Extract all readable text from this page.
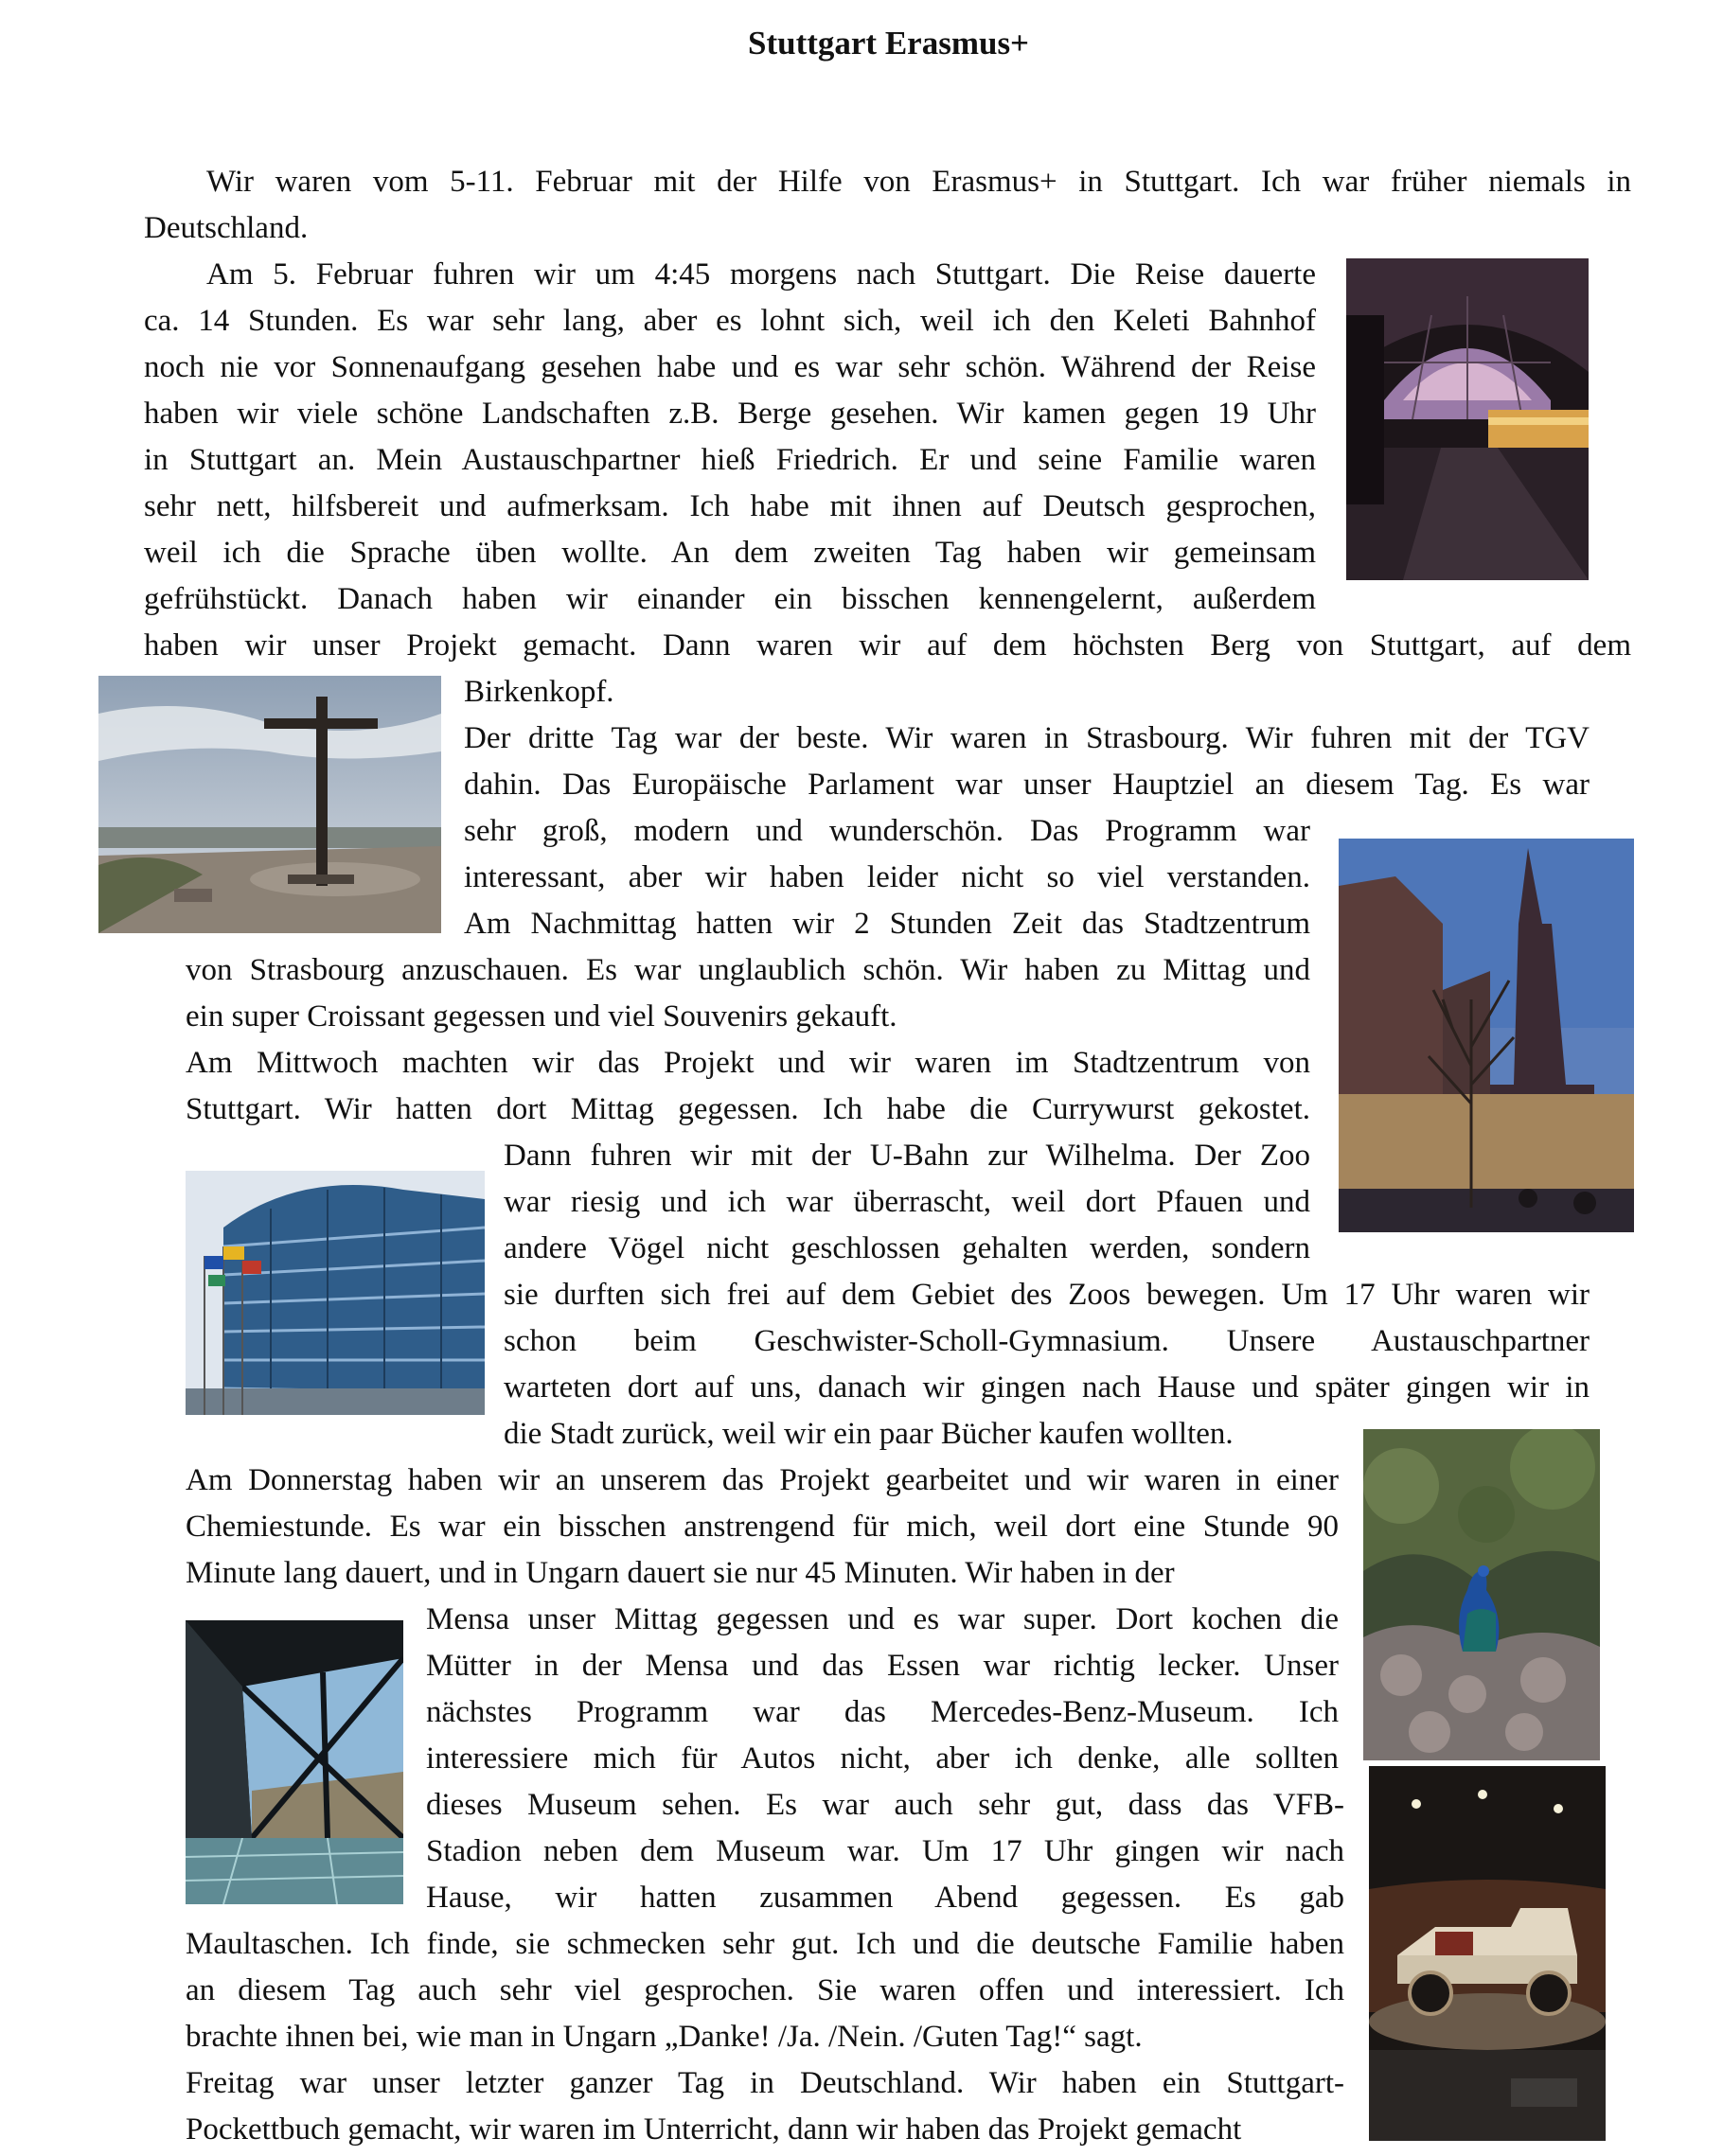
Stuttgart Erasmus+
Wir waren vom 5-11. Februar mit der Hilfe von Erasmus+ in Stuttgart. Ich war früher niemals in
Deutschland.
Am 5. Februar fuhren wir um 4:45 morgens nach Stuttgart. Die Reise dauerte
ca. 14 Stunden. Es war sehr lang, aber es lohnt sich, weil ich den Keleti Bahnhof
noch nie vor Sonnenaufgang gesehen habe und es war sehr schön. Während der Reise
haben wir viele schöne Landschaften z.B. Berge gesehen. Wir kamen gegen 19 Uhr
in Stuttgart an. Mein Austauschpartner hieß Friedrich. Er und seine Familie waren
sehr nett, hilfsbereit und aufmerksam. Ich habe mit ihnen auf Deutsch gesprochen,
weil ich die Sprache üben wollte. An dem zweiten Tag haben wir gemeinsam
gefrühstückt. Danach haben wir einander ein bisschen kennengelernt, außerdem
haben wir unser Projekt gemacht. Dann waren wir auf dem höchsten Berg von Stuttgart, auf dem
Birkenkopf.
Der dritte Tag war der beste. Wir waren in Strasbourg. Wir fuhren mit der TGV
dahin. Das Europäische Parlament war unser Hauptziel an diesem Tag. Es war
sehr groß, modern und wunderschön. Das Programm war
interessant, aber wir haben leider nicht so viel verstanden.
Am Nachmittag hatten wir 2 Stunden Zeit das Stadtzentrum
von Strasbourg anzuschauen. Es war unglaublich schön. Wir haben zu Mittag und
ein super Croissant gegessen und viel Souvenirs gekauft.
Am Mittwoch machten wir das Projekt und wir waren im Stadtzentrum von
Stuttgart. Wir hatten dort Mittag gegessen. Ich habe die Currywurst gekostet.
Dann fuhren wir mit der U-Bahn zur Wilhelma. Der Zoo
war riesig und ich war überrascht, weil dort Pfauen und
andere Vögel nicht geschlossen gehalten werden, sondern
sie durften sich frei auf dem Gebiet des Zoos bewegen. Um 17 Uhr waren wir
schon beim Geschwister-Scholl-Gymnasium. Unsere Austauschpartner
warteten dort auf uns, danach wir gingen nach Hause und später gingen wir in
die Stadt zurück, weil wir ein paar Bücher kaufen wollten.
Am Donnerstag haben wir an unserem das Projekt gearbeitet und wir waren in einer
Chemiestunde. Es war ein bisschen anstrengend für mich, weil dort eine Stunde 90
Minute lang dauert, und in Ungarn dauert sie nur 45 Minuten. Wir haben in der
Mensa unser Mittag gegessen und es war super. Dort kochen die
Mütter in der Mensa und das Essen war richtig lecker. Unser
nächstes Programm war das Mercedes-Benz-Museum. Ich
interessiere mich für Autos nicht, aber ich denke, alle sollten
dieses Museum sehen. Es war auch sehr gut, dass das VFB-
Stadion neben dem Museum war. Um 17 Uhr gingen wir nach
Hause, wir hatten zusammen Abend gegessen. Es gab
Maultaschen. Ich finde, sie schmecken sehr gut. Ich und die deutsche Familie haben
an diesem Tag auch sehr viel gesprochen. Sie waren offen und interessiert. Ich
brachte ihnen bei, wie man in Ungarn „Danke! /Ja. /Nein. /Guten Tag!“ sagt.
Freitag war unser letzter ganzer Tag in Deutschland. Wir haben ein Stuttgart-
Pockettbuch gemacht, wir waren im Unterricht, dann wir haben das Projekt gemacht
